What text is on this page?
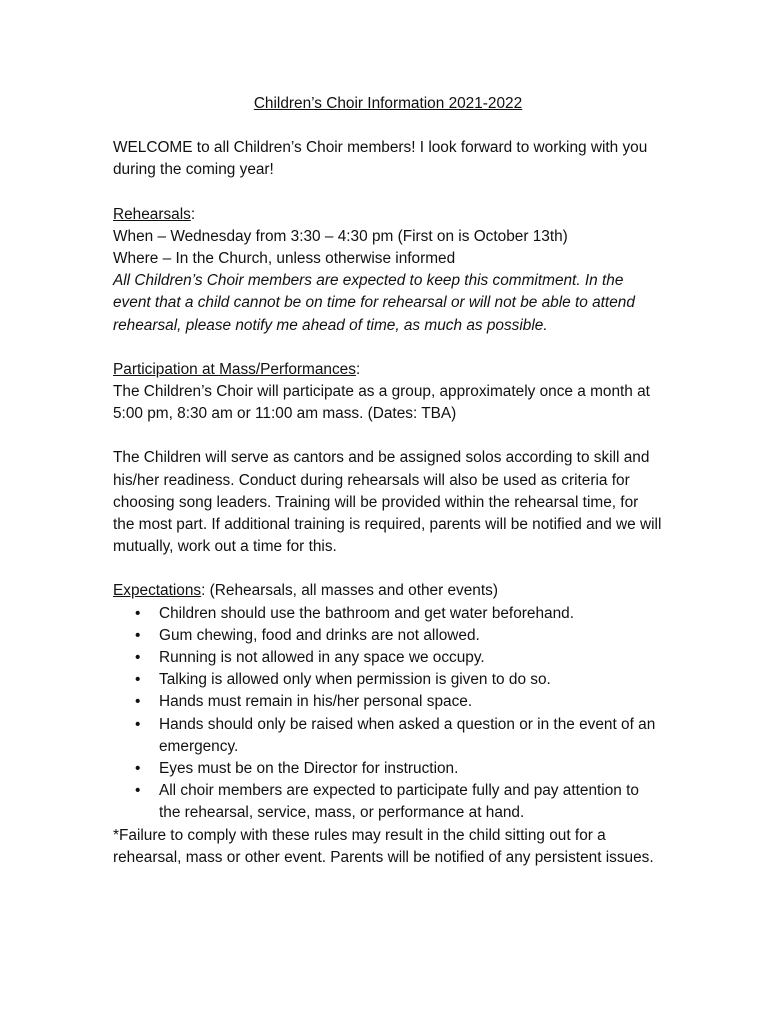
Children’s Choir Information 2021-2022

WELCOME to all Children’s Choir members! I look forward to working with you during the coming year!

Rehearsals:

When – Wednesday from 3:30 – 4:30 pm (First on is October 13th)

Where – In the Church, unless otherwise informed

All Children’s Choir members are expected to keep this commitment. In the event that a child cannot be on time for rehearsal or will not be able to attend rehearsal, please notify me ahead of time, as much as possible.

Participation at Mass/Performances:

The Children’s Choir will participate as a group, approximately once a month at 5:00 pm, 8:30 am or 11:00 am mass. (Dates: TBA)

The Children will serve as cantors and be assigned solos according to skill and his/her readiness. Conduct during rehearsals will also be used as criteria for choosing song leaders. Training will be provided within the rehearsal time, for the most part. If additional training is required, parents will be notified and we will mutually, work out a time for this.

Expectations: (Rehearsals, all masses and other events)

• Children should use the bathroom and get water beforehand.
• Gum chewing, food and drinks are not allowed.
• Running is not allowed in any space we occupy.
• Talking is allowed only when permission is given to do so.
• Hands must remain in his/her personal space.
• Hands should only be raised when asked a question or in the event of an emergency.
• Eyes must be on the Director for instruction.
• All choir members are expected to participate fully and pay attention to the rehearsal, service, mass, or performance at hand.

*Failure to comply with these rules may result in the child sitting out for a rehearsal, mass or other event. Parents will be notified of any persistent issues.
